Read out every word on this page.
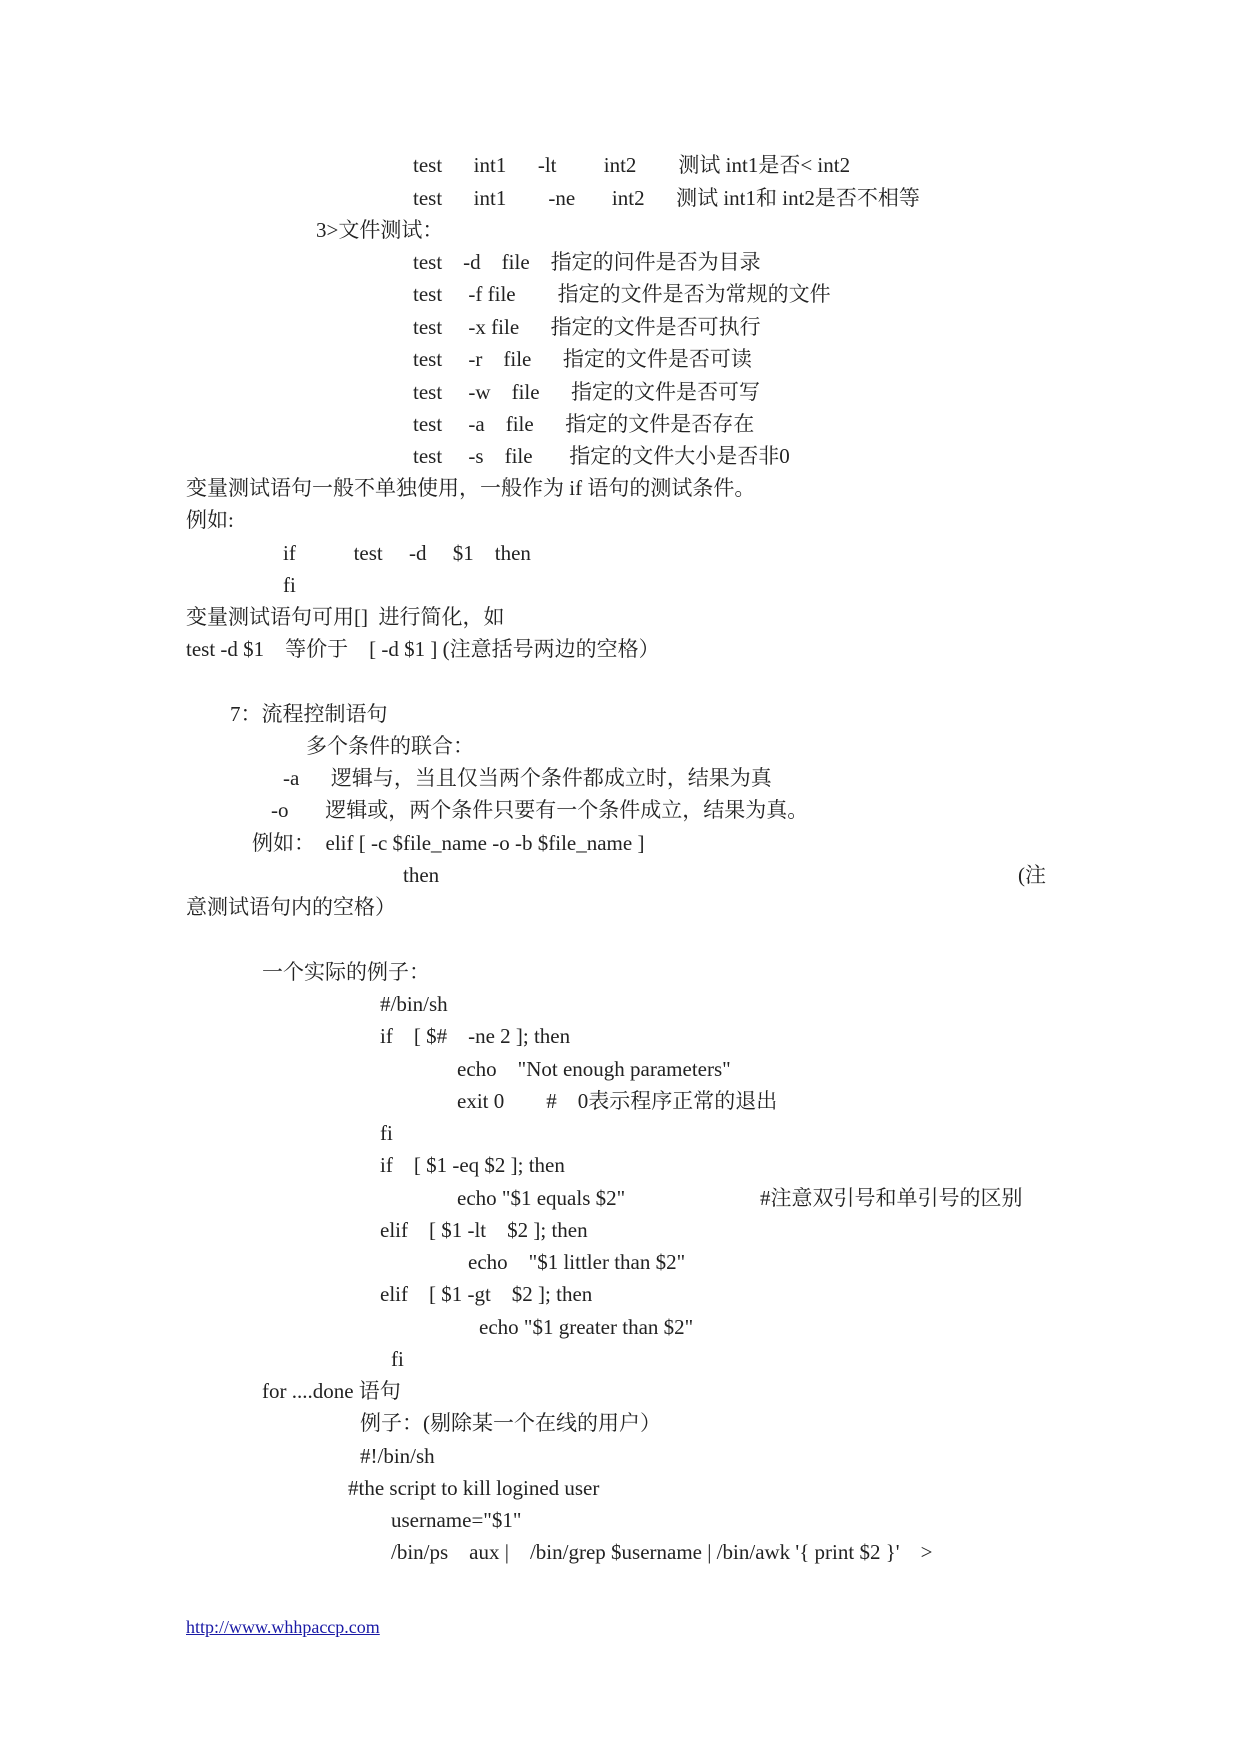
test      int1      -lt         int2        测试 int1是否< int2
test      int1        -ne       int2      测试 int1和 int2是否不相等
3>文件测试：
test    -d    file    指定的问件是否为目录
test     -f file        指定的文件是否为常规的文件
test     -x file      指定的文件是否可执行
test     -r    file      指定的文件是否可读
test     -w    file      指定的文件是否可写
test     -a    file      指定的文件是否存在
test     -s    file       指定的文件大小是否非0
变量测试语句一般不单独使用，一般作为 if 语句的测试条件。
例如:
if           test     -d     $1    then
fi
变量测试语句可用[]  进行简化，如
test -d $1    等价于    [ -d $1 ] (注意括号两边的空格）
7：流程控制语句
多个条件的联合：
-a      逻辑与，当且仅当两个条件都成立时，结果为真
-o       逻辑或，两个条件只要有一个条件成立，结果为真。
例如：  elif [ -c $file_name -o -b $file_name ]
then	(注
意测试语句内的空格）
一个实际的例子：
#/bin/sh
if    [ $#    -ne 2 ]; then
echo    "Not enough parameters"
exit 0        #    0表示程序正常的退出
fi
if    [ $1 -eq $2 ]; then
echo "$1 equals $2"	#注意双引号和单引号的区别
elif    [ $1 -lt    $2 ]; then
echo    "$1 littler than $2"
elif    [ $1 -gt    $2 ]; then
echo "$1 greater than $2"
fi
for ....done 语句
例子：(剔除某一个在线的用户）
#!/bin/sh
#the script to kill logined user
username="$1"
/bin/ps    aux |    /bin/grep $username | /bin/awk '{ print $2 }'    >
http://www.whhpaccp.com
